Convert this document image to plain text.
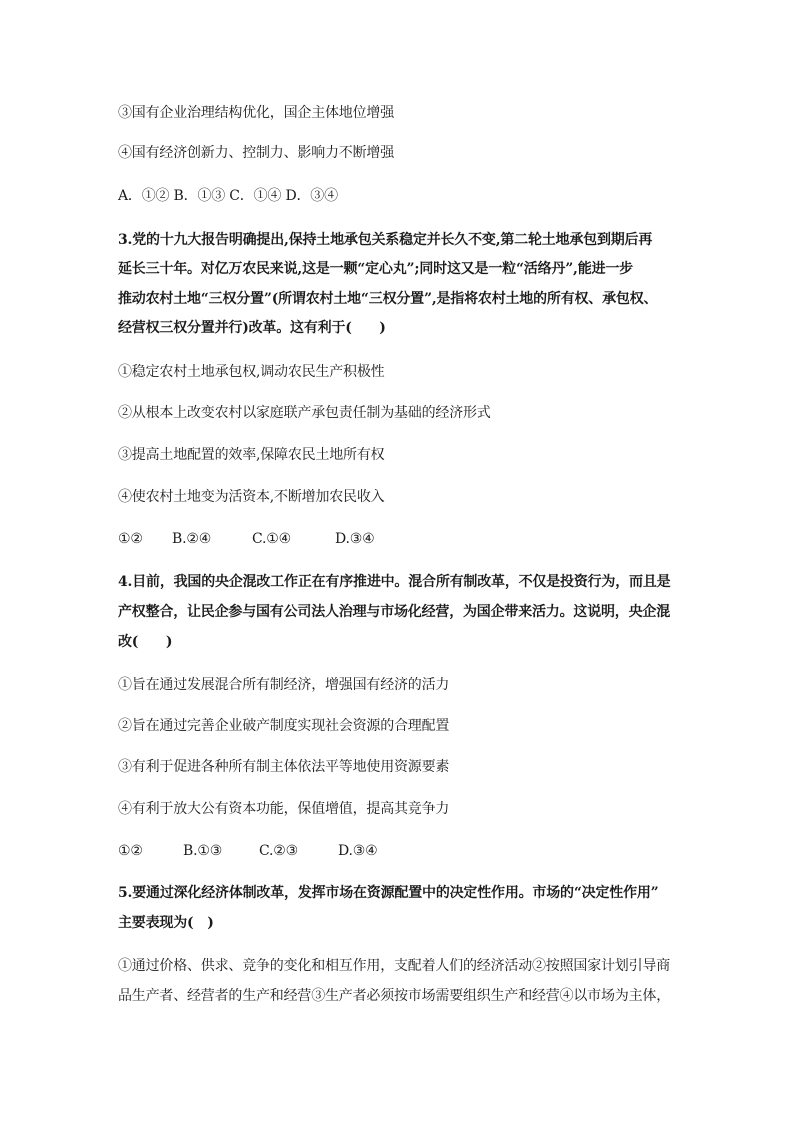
③国有企业治理结构优化，国企主体地位增强
④国有经济创新力、控制力、影响力不断增强
A．①② B．①③ C．①④ D．③④
3.党的十九大报告明确提出,保持土地承包关系稳定并长久不变,第二轮土地承包到期后再
延长三十年。对亿万农民来说,这是一颗“定心丸”;同时这又是一粒“活络丹”,能进一步
推动农村土地“三权分置”(所谓农村土地“三权分置”,是指将农村土地的所有权、承包权、
经营权三权分置并行)改革。这有利于(　　)
①稳定农村土地承包权,调动农民生产积极性
②从根本上改变农村以家庭联产承包责任制为基础的经济形式
③提高土地配置的效率,保障农民土地所有权
④使农村土地变为活资本,不断增加农民收入
①② B.②④	C.①④	D.③④
4.目前，我国的央企混改工作正在有序推进中。混合所有制改革，不仅是投资行为，而且是
产权整合，让民企参与国有公司法人治理与市场化经营，为国企带来活力。这说明，央企混
改(　　)
①旨在通过发展混合所有制经济，增强国有经济的活力
②旨在通过完善企业破产制度实现社会资源的合理配置
③有利于促进各种所有制主体依法平等地使用资源要素
④有利于放大公有资本功能，保值增值，提高其竞争力
①②	B.①③	C.②③	D.③④
5.要通过深化经济体制改革，发挥市场在资源配置中的决定性作用。市场的“决定性作用”
主要表现为(　)
①通过价格、供求、竞争的变化和相互作用，支配着人们的经济活动②按照国家计划引导商
品生产者、经营者的生产和经营③生产者必须按市场需要组织生产和经营④以市场为主体，
